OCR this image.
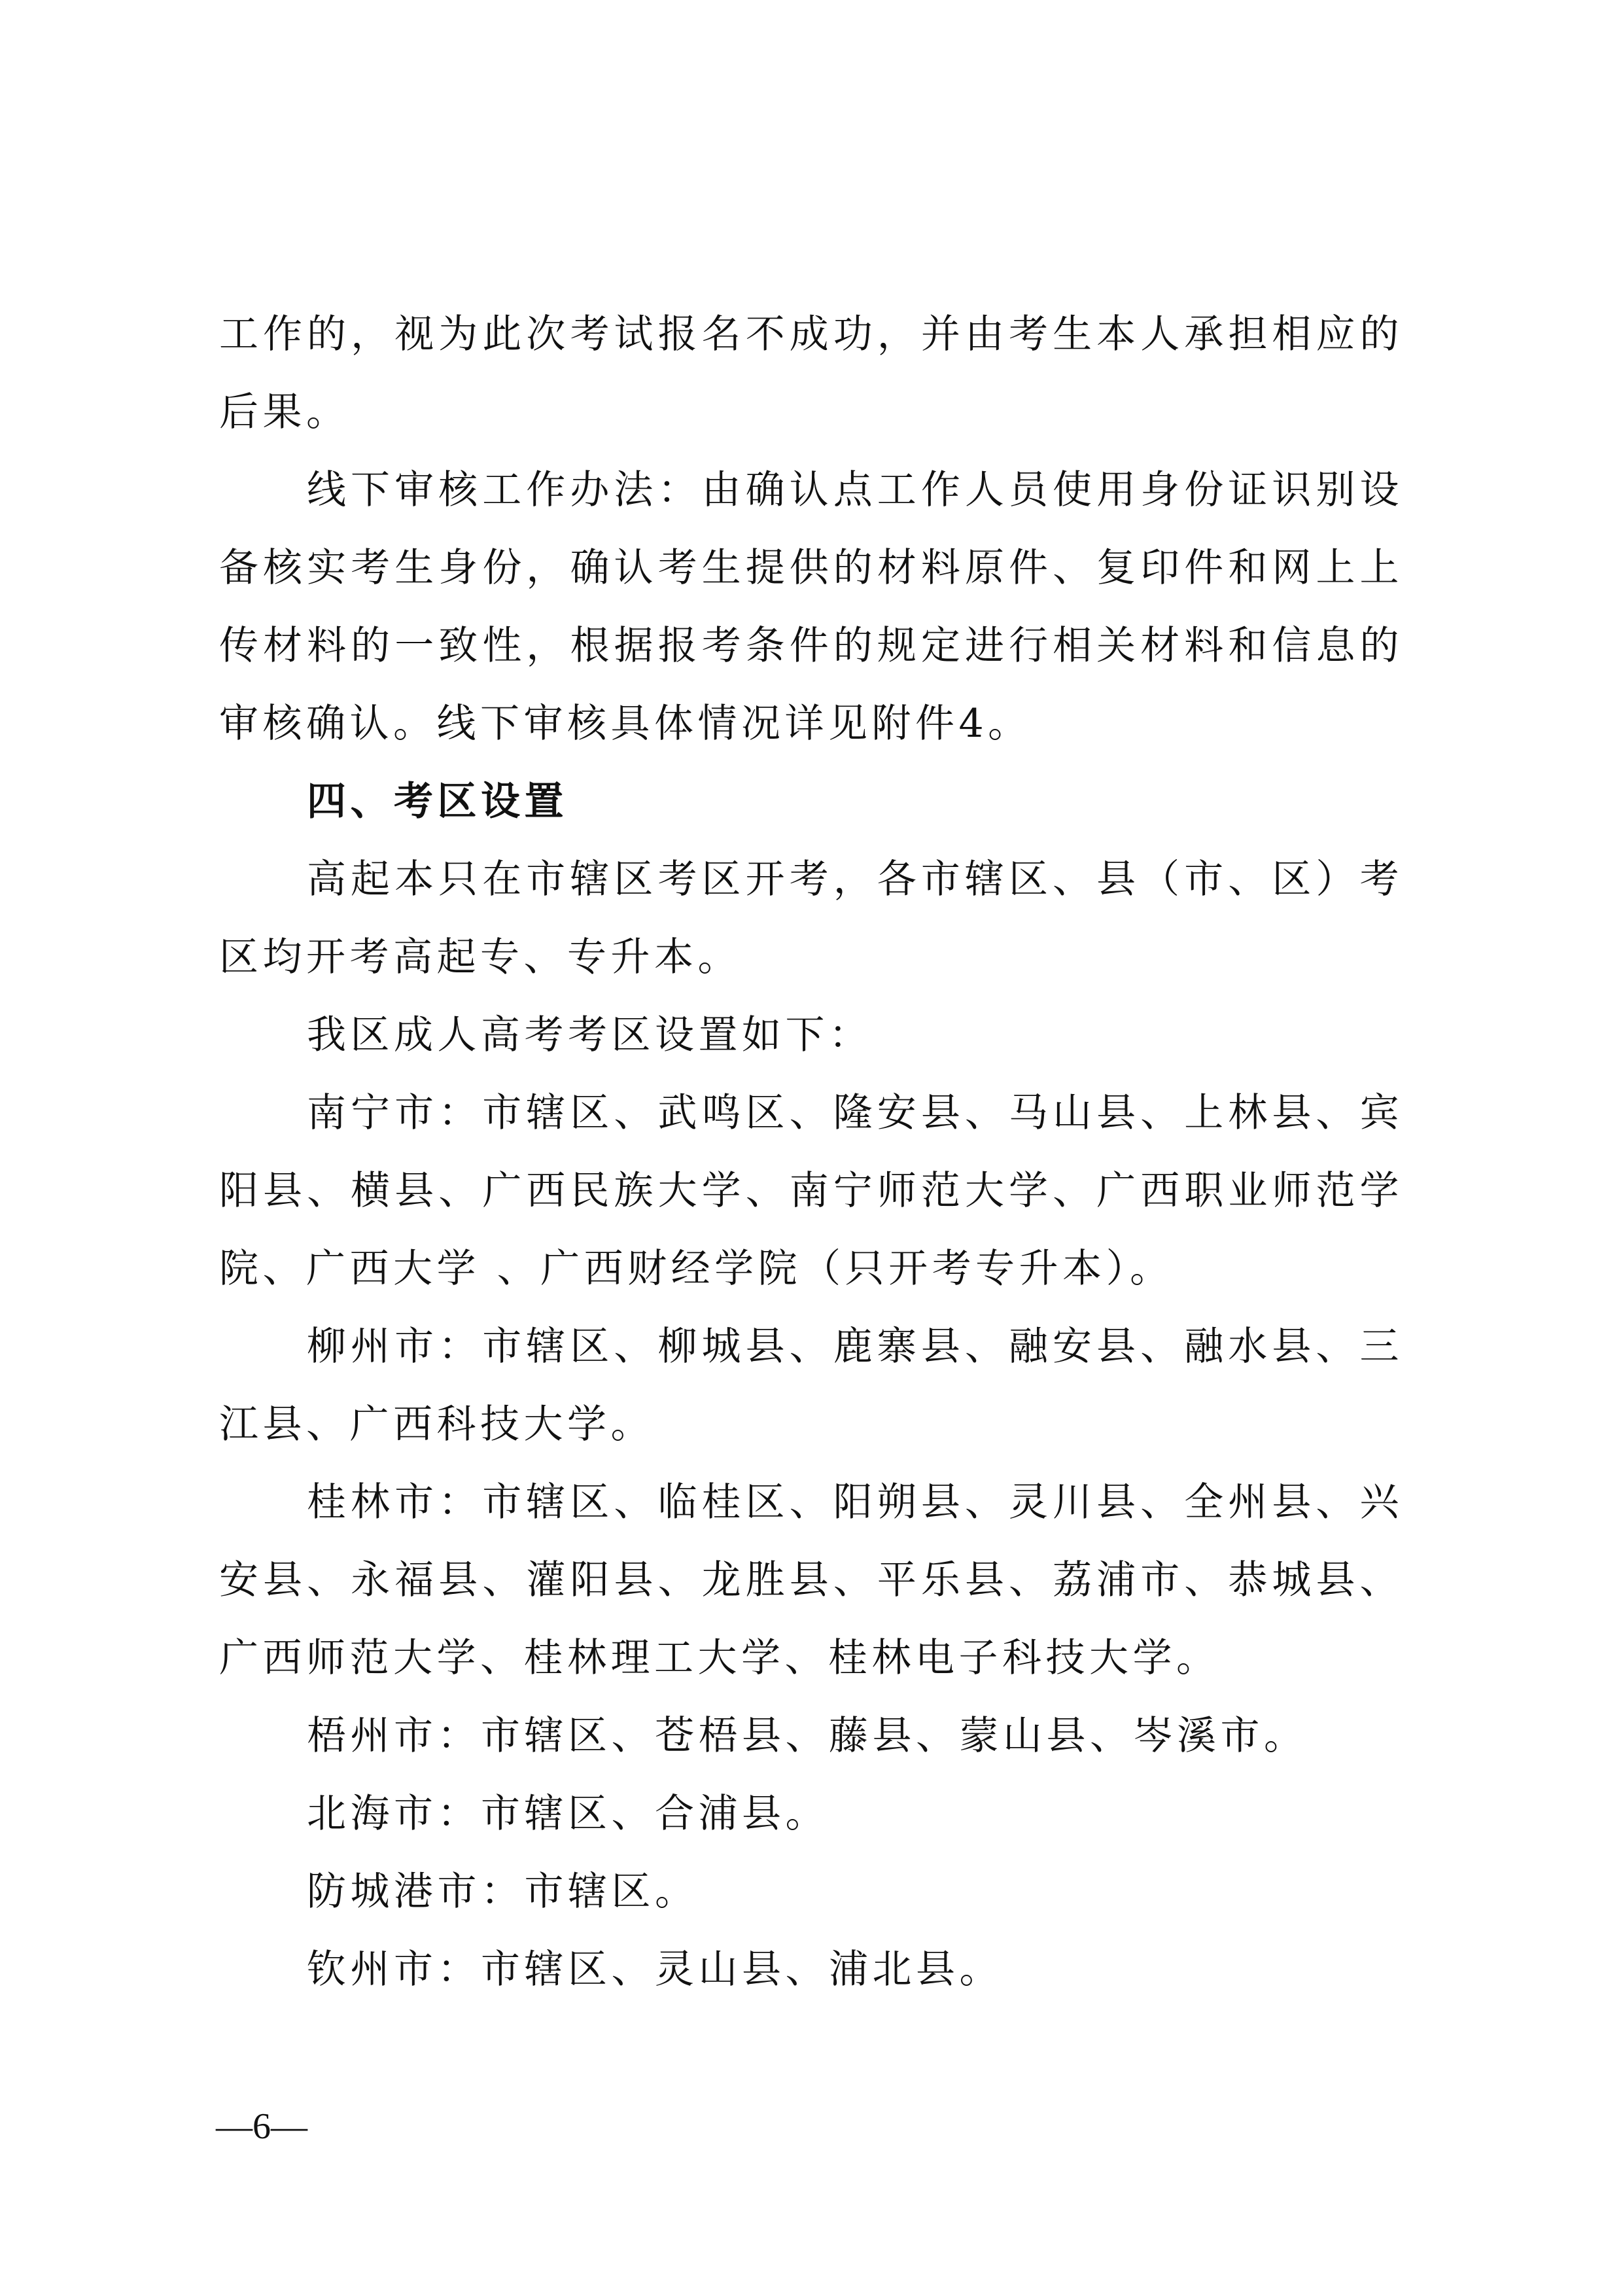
工作的，视为此次考试报名不成功，并由考生本人承担相应的后果。

线下审核工作办法：由确认点工作人员使用身份证识别设备核实考生身份，确认考生提供的材料原件、复印件和网上上传材料的一致性，根据报考条件的规定进行相关材料和信息的审核确认。线下审核具体情况详见附件4。

四、考区设置

高起本只在市辖区考区开考，各市辖区、县（市、区）考区均开考高起专、专升本。

我区成人高考考区设置如下：

南宁市：市辖区、武鸣区、隆安县、马山县、上林县、宾阳县、横县、广西民族大学、南宁师范大学、广西职业师范学院、广西大学 、广西财经学院（只开考专升本）。

柳州市：市辖区、柳城县、鹿寨县、融安县、融水县、三江县、广西科技大学。

桂林市：市辖区、临桂区、阳朔县、灵川县、全州县、兴安县、永福县、灌阳县、龙胜县、平乐县、荔浦市、恭城县、广西师范大学、桂林理工大学、桂林电子科技大学。

梧州市：市辖区、苍梧县、藤县、蒙山县、岑溪市。

北海市：市辖区、合浦县。

防城港市：市辖区。

钦州市：市辖区、灵山县、浦北县。

—6—
